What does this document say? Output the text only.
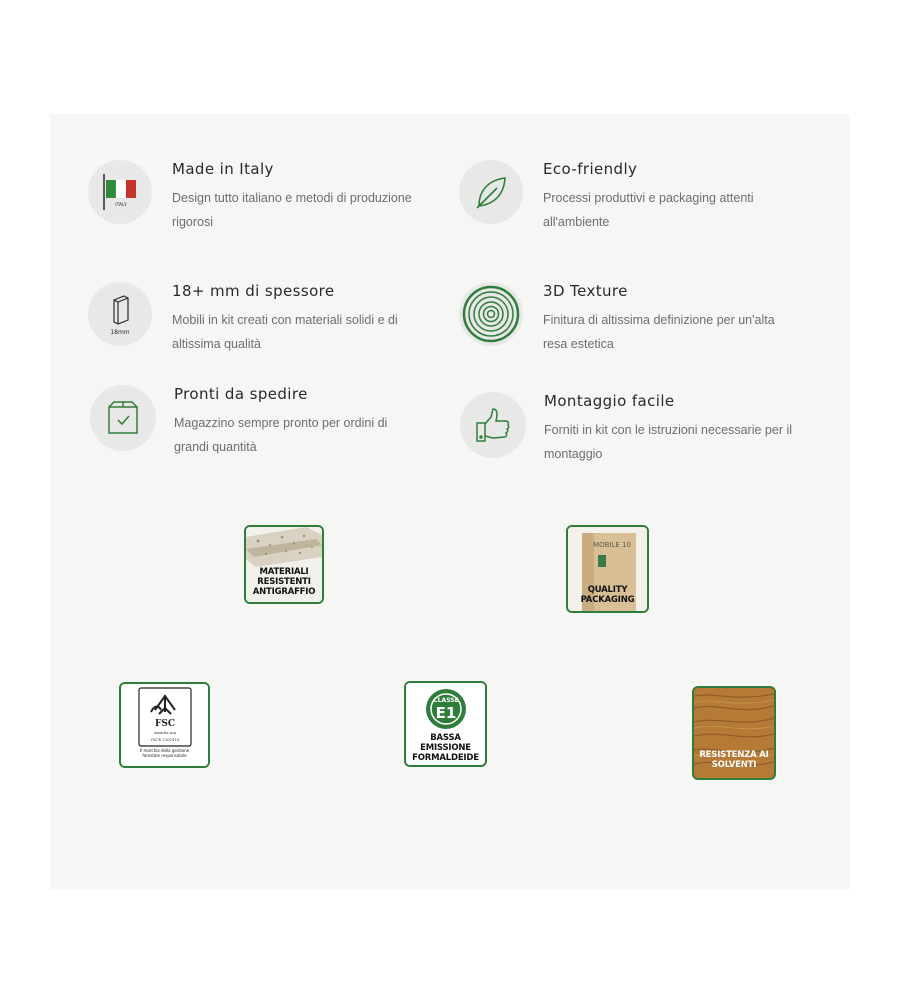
ITALY
Made in Italy
Design tutto italiano e metodi di produzione rigorosi
Eco-friendly
Processi produttivi e packaging attenti all'ambiente
18mm
18+ mm di spessore
Mobili in kit creati con materiali solidi e di altissima qualità
3D Texture
Finitura di altissima definizione per un'alta resa estetica
Pronti da spedire
Magazzino sempre pronto per ordini di grandi quantità
Montaggio facile
Forniti in kit con le istruzioni necessarie per il montaggio
MATERIALI RESISTENTI ANTIGRAFFIO
MOBILE 10
QUALITY PACKAGING
FSC
www.fsc.org
FSC® C107474
Il marchio della gestione forestale responsabile
CLASSE
E1
BASSA EMISSIONE FORMALDEIDE	RESISTENZA AI SOLVENTI
